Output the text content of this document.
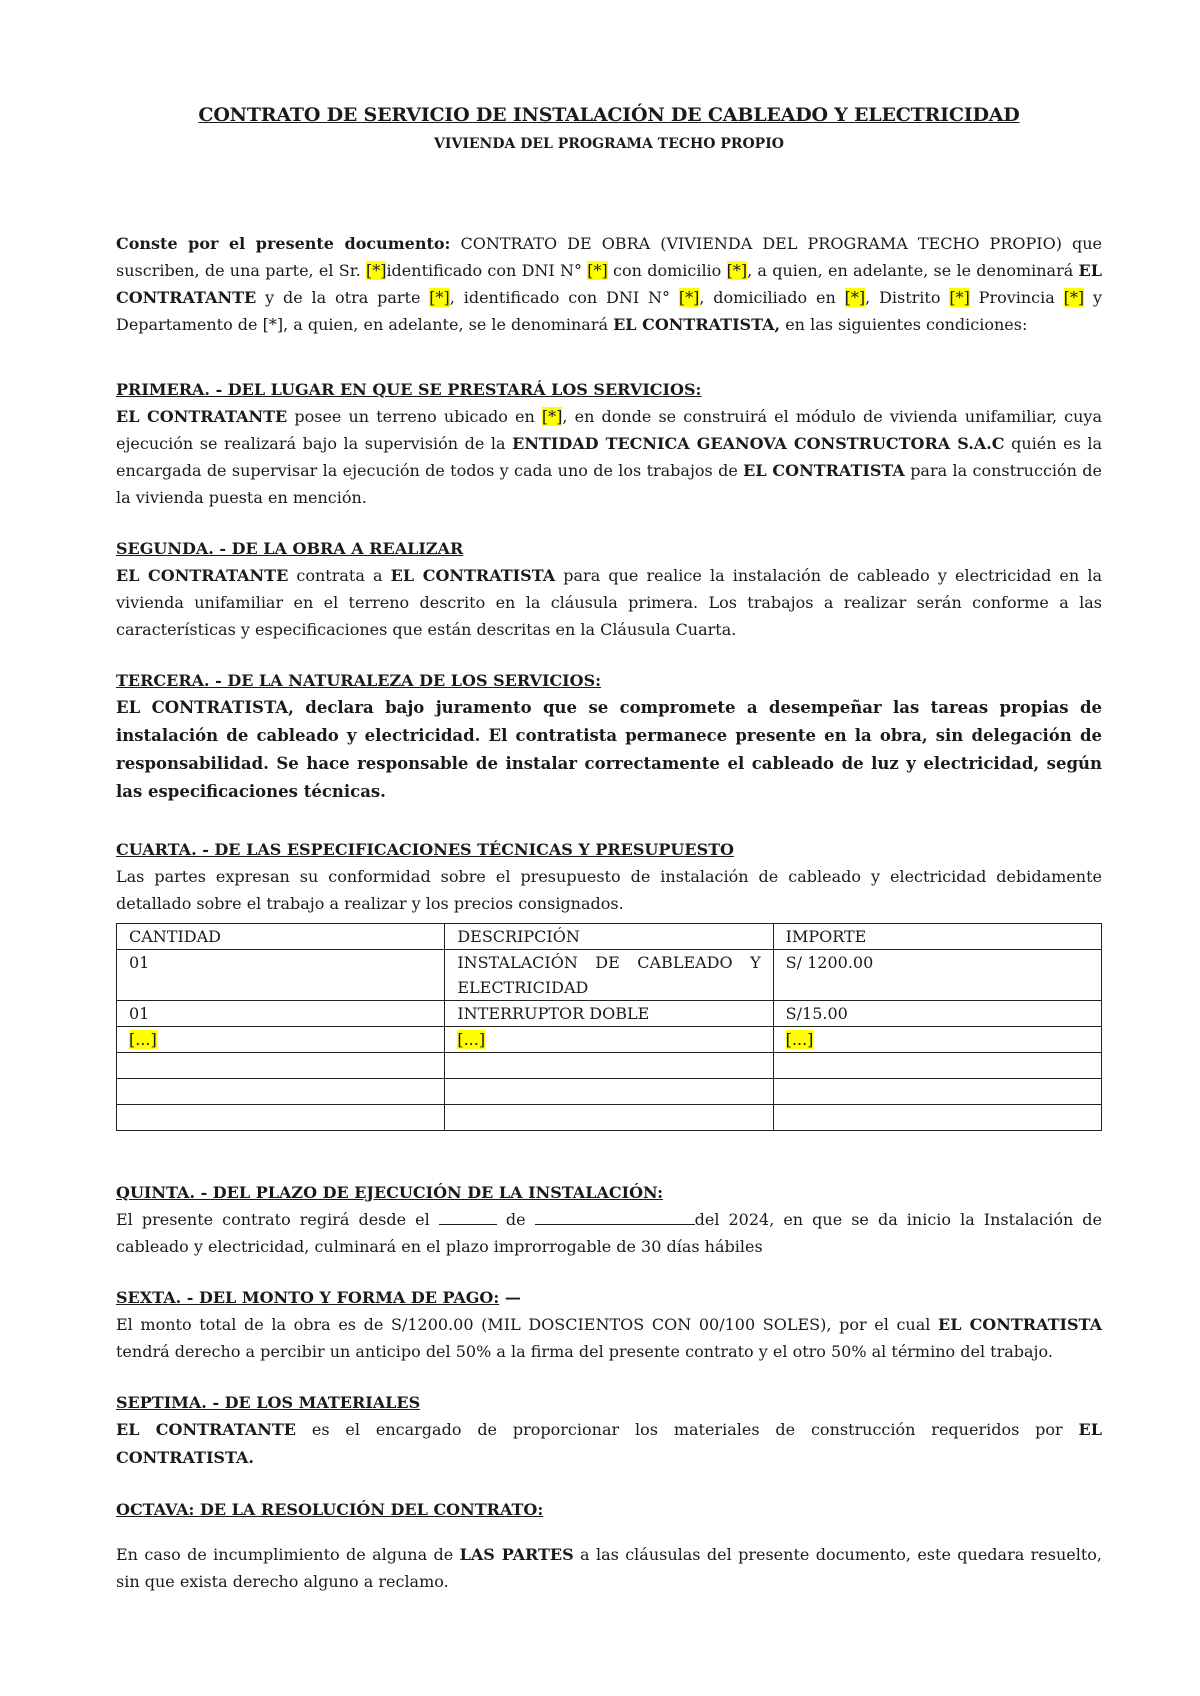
CONTRATO DE SERVICIO DE INSTALACIÓN DE CABLEADO Y ELECTRICIDAD
VIVIENDA DEL PROGRAMA TECHO PROPIO

Conste por el presente documento: CONTRATO DE OBRA (VIVIENDA DEL PROGRAMA TECHO PROPIO) que suscriben, de una parte, el Sr. [*]identificado con DNI N° [*] con domicilio [*], a quien, en adelante, se le denominará EL CONTRATANTE y de la otra parte [*], identificado con DNI N° [*], domiciliado en [*], Distrito [*] Provincia [*] y Departamento de [*], a quien, en adelante, se le denominará EL CONTRATISTA, en las siguientes condiciones:

PRIMERA. - DEL LUGAR EN QUE SE PRESTARÁ LOS SERVICIOS:

EL CONTRATANTE posee un terreno ubicado en [*], en donde se construirá el módulo de vivienda unifamiliar, cuya ejecución se realizará bajo la supervisión de la ENTIDAD TECNICA GEANOVA CONSTRUCTORA S.A.C quién es la encargada de supervisar la ejecución de todos y cada uno de los trabajos de EL CONTRATISTA para la construcción de la vivienda puesta en mención.

SEGUNDA. - DE LA OBRA A REALIZAR

EL CONTRATANTE contrata a EL CONTRATISTA para que realice la instalación de cableado y electricidad en la vivienda unifamiliar en el terreno descrito en la cláusula primera. Los trabajos a realizar serán conforme a las características y especificaciones que están descritas en la Cláusula Cuarta.

TERCERA. - DE LA NATURALEZA DE LOS SERVICIOS:

EL CONTRATISTA, declara bajo juramento que se compromete a desempeñar las tareas propias de instalación de cableado y electricidad. El contratista permanece presente en la obra, sin delegación de responsabilidad. Se hace responsable de instalar correctamente el cableado de luz y electricidad, según las especificaciones técnicas.

CUARTA. - DE LAS ESPECIFICACIONES TÉCNICAS Y PRESUPUESTO

Las partes expresan su conformidad sobre el presupuesto de instalación de cableado y electricidad debidamente detallado sobre el trabajo a realizar y los precios consignados.

CANTIDAD	DESCRIPCIÓN	IMPORTE
01	INSTALACIÓN DE CABLEADO Y ELECTRICIDAD	S/ 1200.00
01	INTERRUPTOR DOBLE	S/15.00
[...]	[...]	[...]

QUINTA. - DEL PLAZO DE EJECUCIÓN DE LA INSTALACIÓN:

El presente contrato regirá desde el	de	del 2024, en que se da inicio la Instalación de cableado y electricidad, culminará en el plazo improrrogable de 30 días hábiles

SEXTA. - DEL MONTO Y FORMA DE PAGO: —

El monto total de la obra es de S/1200.00 (MIL DOSCIENTOS CON 00/100 SOLES), por el cual EL CONTRATISTA tendrá derecho a percibir un anticipo del 50% a la firma del presente contrato y el otro 50% al término del trabajo.

SEPTIMA. - DE LOS MATERIALES

EL CONTRATANTE es el encargado de proporcionar los materiales de construcción requeridos por EL CONTRATISTA.

OCTAVA: DE LA RESOLUCIÓN DEL CONTRATO:

En caso de incumplimiento de alguna de LAS PARTES a las cláusulas del presente documento, este quedara resuelto, sin que exista derecho alguno a reclamo.
